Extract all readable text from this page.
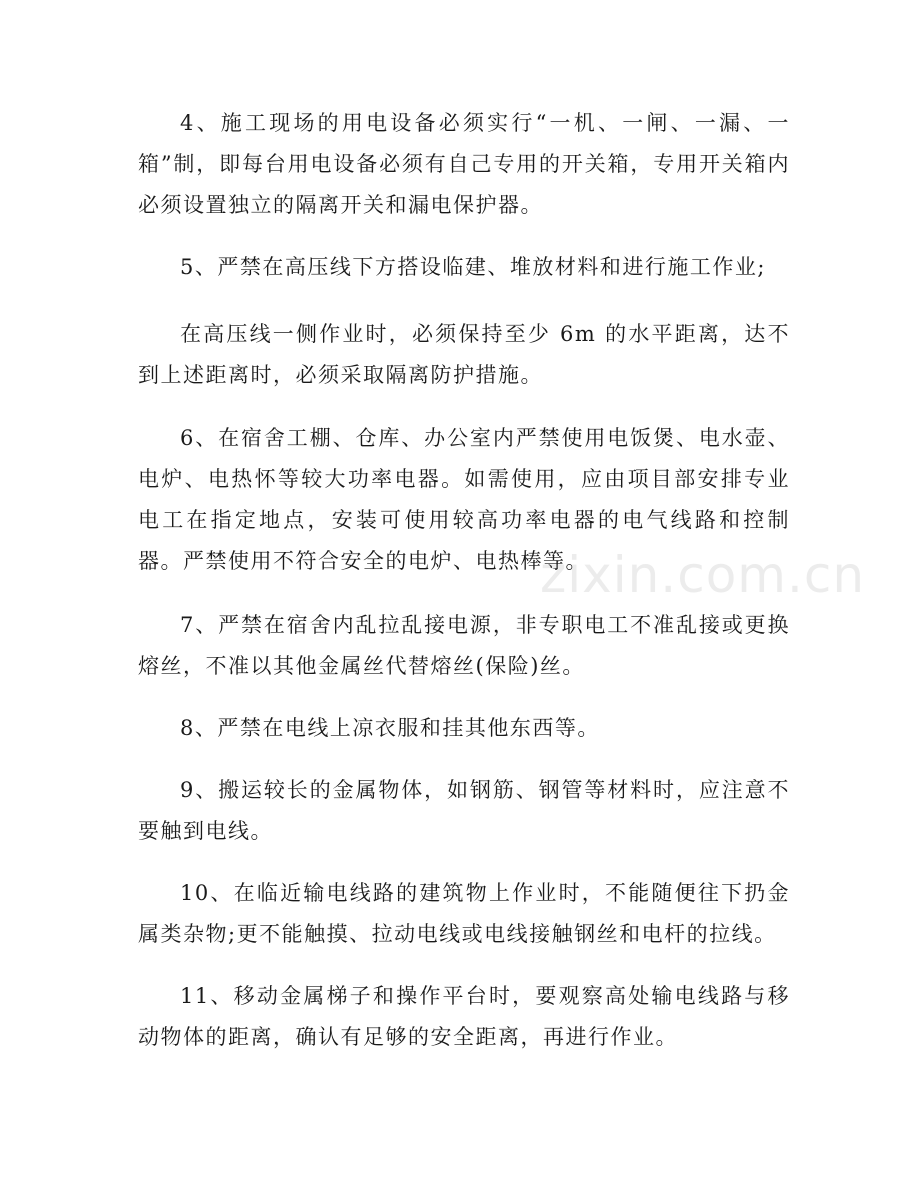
4、施工现场的用电设备必须实行“一机、一闸、一漏、一箱”制，即每台用电设备必须有自己专用的开关箱，专用开关箱内必须设置独立的隔离开关和漏电保护器。

5、严禁在高压线下方搭设临建、堆放材料和进行施工作业;

在高压线一侧作业时，必须保持至少 6m 的水平距离，达不到上述距离时，必须采取隔离防护措施。

6、在宿舍工棚、仓库、办公室内严禁使用电饭煲、电水壶、电炉、电热怀等较大功率电器。如需使用，应由项目部安排专业电工在指定地点，安装可使用较高功率电器的电气线路和控制器。严禁使用不符合安全的电炉、电热棒等。

7、严禁在宿舍内乱拉乱接电源，非专职电工不准乱接或更换熔丝，不准以其他金属丝代替熔丝(保险)丝。

8、严禁在电线上凉衣服和挂其他东西等。

9、搬运较长的金属物体，如钢筋、钢管等材料时，应注意不要触到电线。

10、在临近输电线路的建筑物上作业时，不能随便往下扔金属类杂物;更不能触摸、拉动电线或电线接触钢丝和电杆的拉线。

11、移动金属梯子和操作平台时，要观察高处输电线路与移动物体的距离，确认有足够的安全距离，再进行作业。

zixin.com.cn
